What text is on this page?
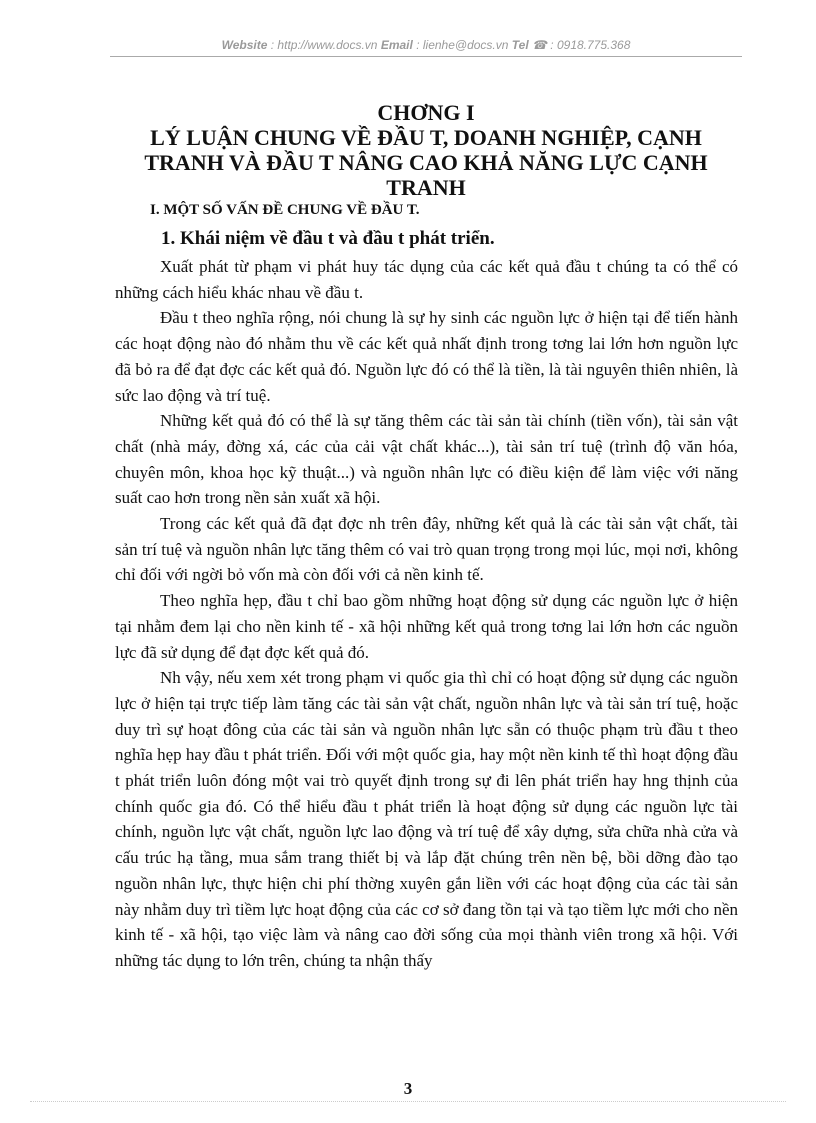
Website : http://www.docs.vn Email : lienhe@docs.vn Tel ☎ : 0918.775.368
CHƠNG I
LÝ LUẬN CHUNG VỀ ĐẦU T, DOANH NGHIỆP, CẠNH
TRANH VÀ ĐẦU T NÂNG CAO KHẢ NĂNG LỰC CẠNH
TRANH
I. MỘT SỐ VẤN ĐỀ CHUNG VỀ ĐẦU T.
1. Khái niệm về đầu t và đầu t phát triển.

Xuất phát từ phạm vi phát huy tác dụng của các kết quả đầu t chúng ta có thể có những cách hiểu khác nhau về đầu t.

Đầu t theo nghĩa rộng, nói chung là sự hy sinh các nguồn lực ở hiện tại để tiến hành các hoạt động nào đó nhằm thu về các kết quả nhất định trong tơng lai lớn hơn nguồn lực đã bỏ ra để đạt đợc các kết quả đó. Nguồn lực đó có thể là tiền, là tài nguyên thiên nhiên, là sức lao động và trí tuệ.

Những kết quả đó có thể là sự tăng thêm các tài sản tài chính (tiền vốn), tài sản vật chất (nhà máy, đờng xá, các của cải vật chất khác...), tài sản trí tuệ (trình độ văn hóa, chuyên môn, khoa học kỹ thuật...) và nguồn nhân lực có điều kiện để làm việc với năng suất cao hơn trong nền sản xuất xã hội.

Trong các kết quả đã đạt đợc nh trên đây, những kết quả là các tài sản vật chất, tài sản trí tuệ và nguồn nhân lực tăng thêm có vai trò quan trọng trong mọi lúc, mọi nơi, không chỉ đối với ngời bỏ vốn mà còn đối với cả nền kinh tế.

Theo nghĩa hẹp, đầu t chỉ bao gồm những hoạt động sử dụng các nguồn lực ở hiện tại nhằm đem lại cho nền kinh tế - xã hội những kết quả trong tơng lai lớn hơn các nguồn lực đã sử dụng để đạt đợc kết quả đó.

Nh vậy, nếu xem xét trong phạm vi quốc gia thì chỉ có hoạt động sử dụng các nguồn lực ở hiện tại trực tiếp làm tăng các tài sản vật chất, nguồn nhân lực và tài sản trí tuệ, hoặc duy trì sự hoạt đông của các tài sản và nguồn nhân lực sẵn có thuộc phạm trù đầu t theo nghĩa hẹp hay đầu t phát triển. Đối với một quốc gia, hay một nền kinh tế thì hoạt động đầu t phát triển luôn đóng một vai trò quyết định trong sự đi lên phát triển hay hng thịnh của chính quốc gia đó. Có thể hiểu đầu t phát triển là hoạt động sử dụng các nguồn lực tài chính, nguồn lực vật chất, nguồn lực lao động và trí tuệ để xây dựng, sửa chữa nhà cửa và cấu trúc hạ tầng, mua sắm trang thiết bị và lắp đặt chúng trên nền bệ, bồi dỡng đào tạo nguồn nhân lực, thực hiện chi phí thờng xuyên gắn liền với các hoạt động của các tài sản này nhằm duy trì tiềm lực hoạt động của các cơ sở đang tồn tại và tạo tiềm lực mới cho nền kinh tế - xã hội, tạo việc làm và nâng cao đời sống của mọi thành viên trong xã hội. Với những tác dụng to lớn trên, chúng ta nhận thấy

3
